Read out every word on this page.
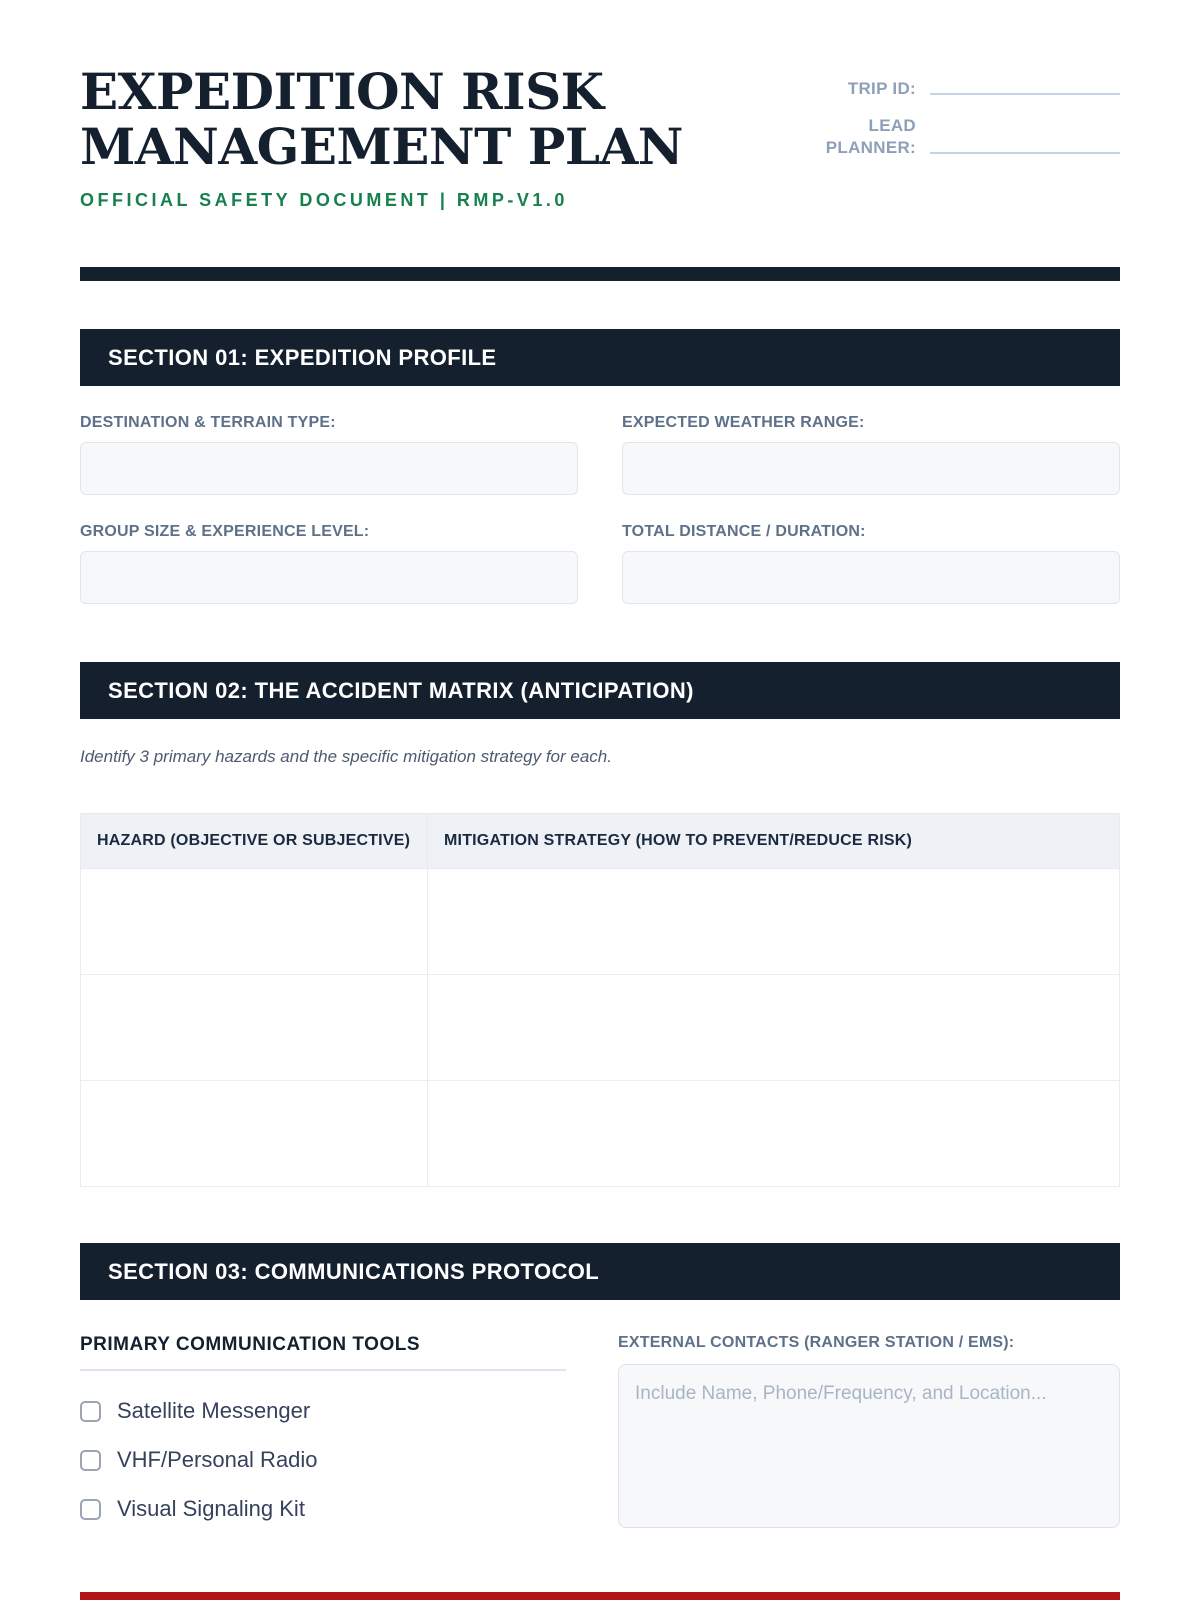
EXPEDITION RISK
MANAGEMENT PLAN
TRIP ID:
LEAD PLANNER:
OFFICIAL SAFETY DOCUMENT | RMP-V1.0
SECTION 01: EXPEDITION PROFILE
DESTINATION & TERRAIN TYPE:	EXPECTED WEATHER RANGE:
GROUP SIZE & EXPERIENCE LEVEL:	TOTAL DISTANCE / DURATION:
SECTION 02: THE ACCIDENT MATRIX (ANTICIPATION)
Identify 3 primary hazards and the specific mitigation strategy for each.
HAZARD (OBJECTIVE OR SUBJECTIVE)	MITIGATION STRATEGY (HOW TO PREVENT/REDUCE RISK)

SECTION 03: COMMUNICATIONS PROTOCOL
PRIMARY COMMUNICATION TOOLS
Satellite Messenger
VHF/Personal Radio
Visual Signaling Kit
EXTERNAL CONTACTS (RANGER STATION / EMS):
Include Name, Phone/Frequency, and Location...
